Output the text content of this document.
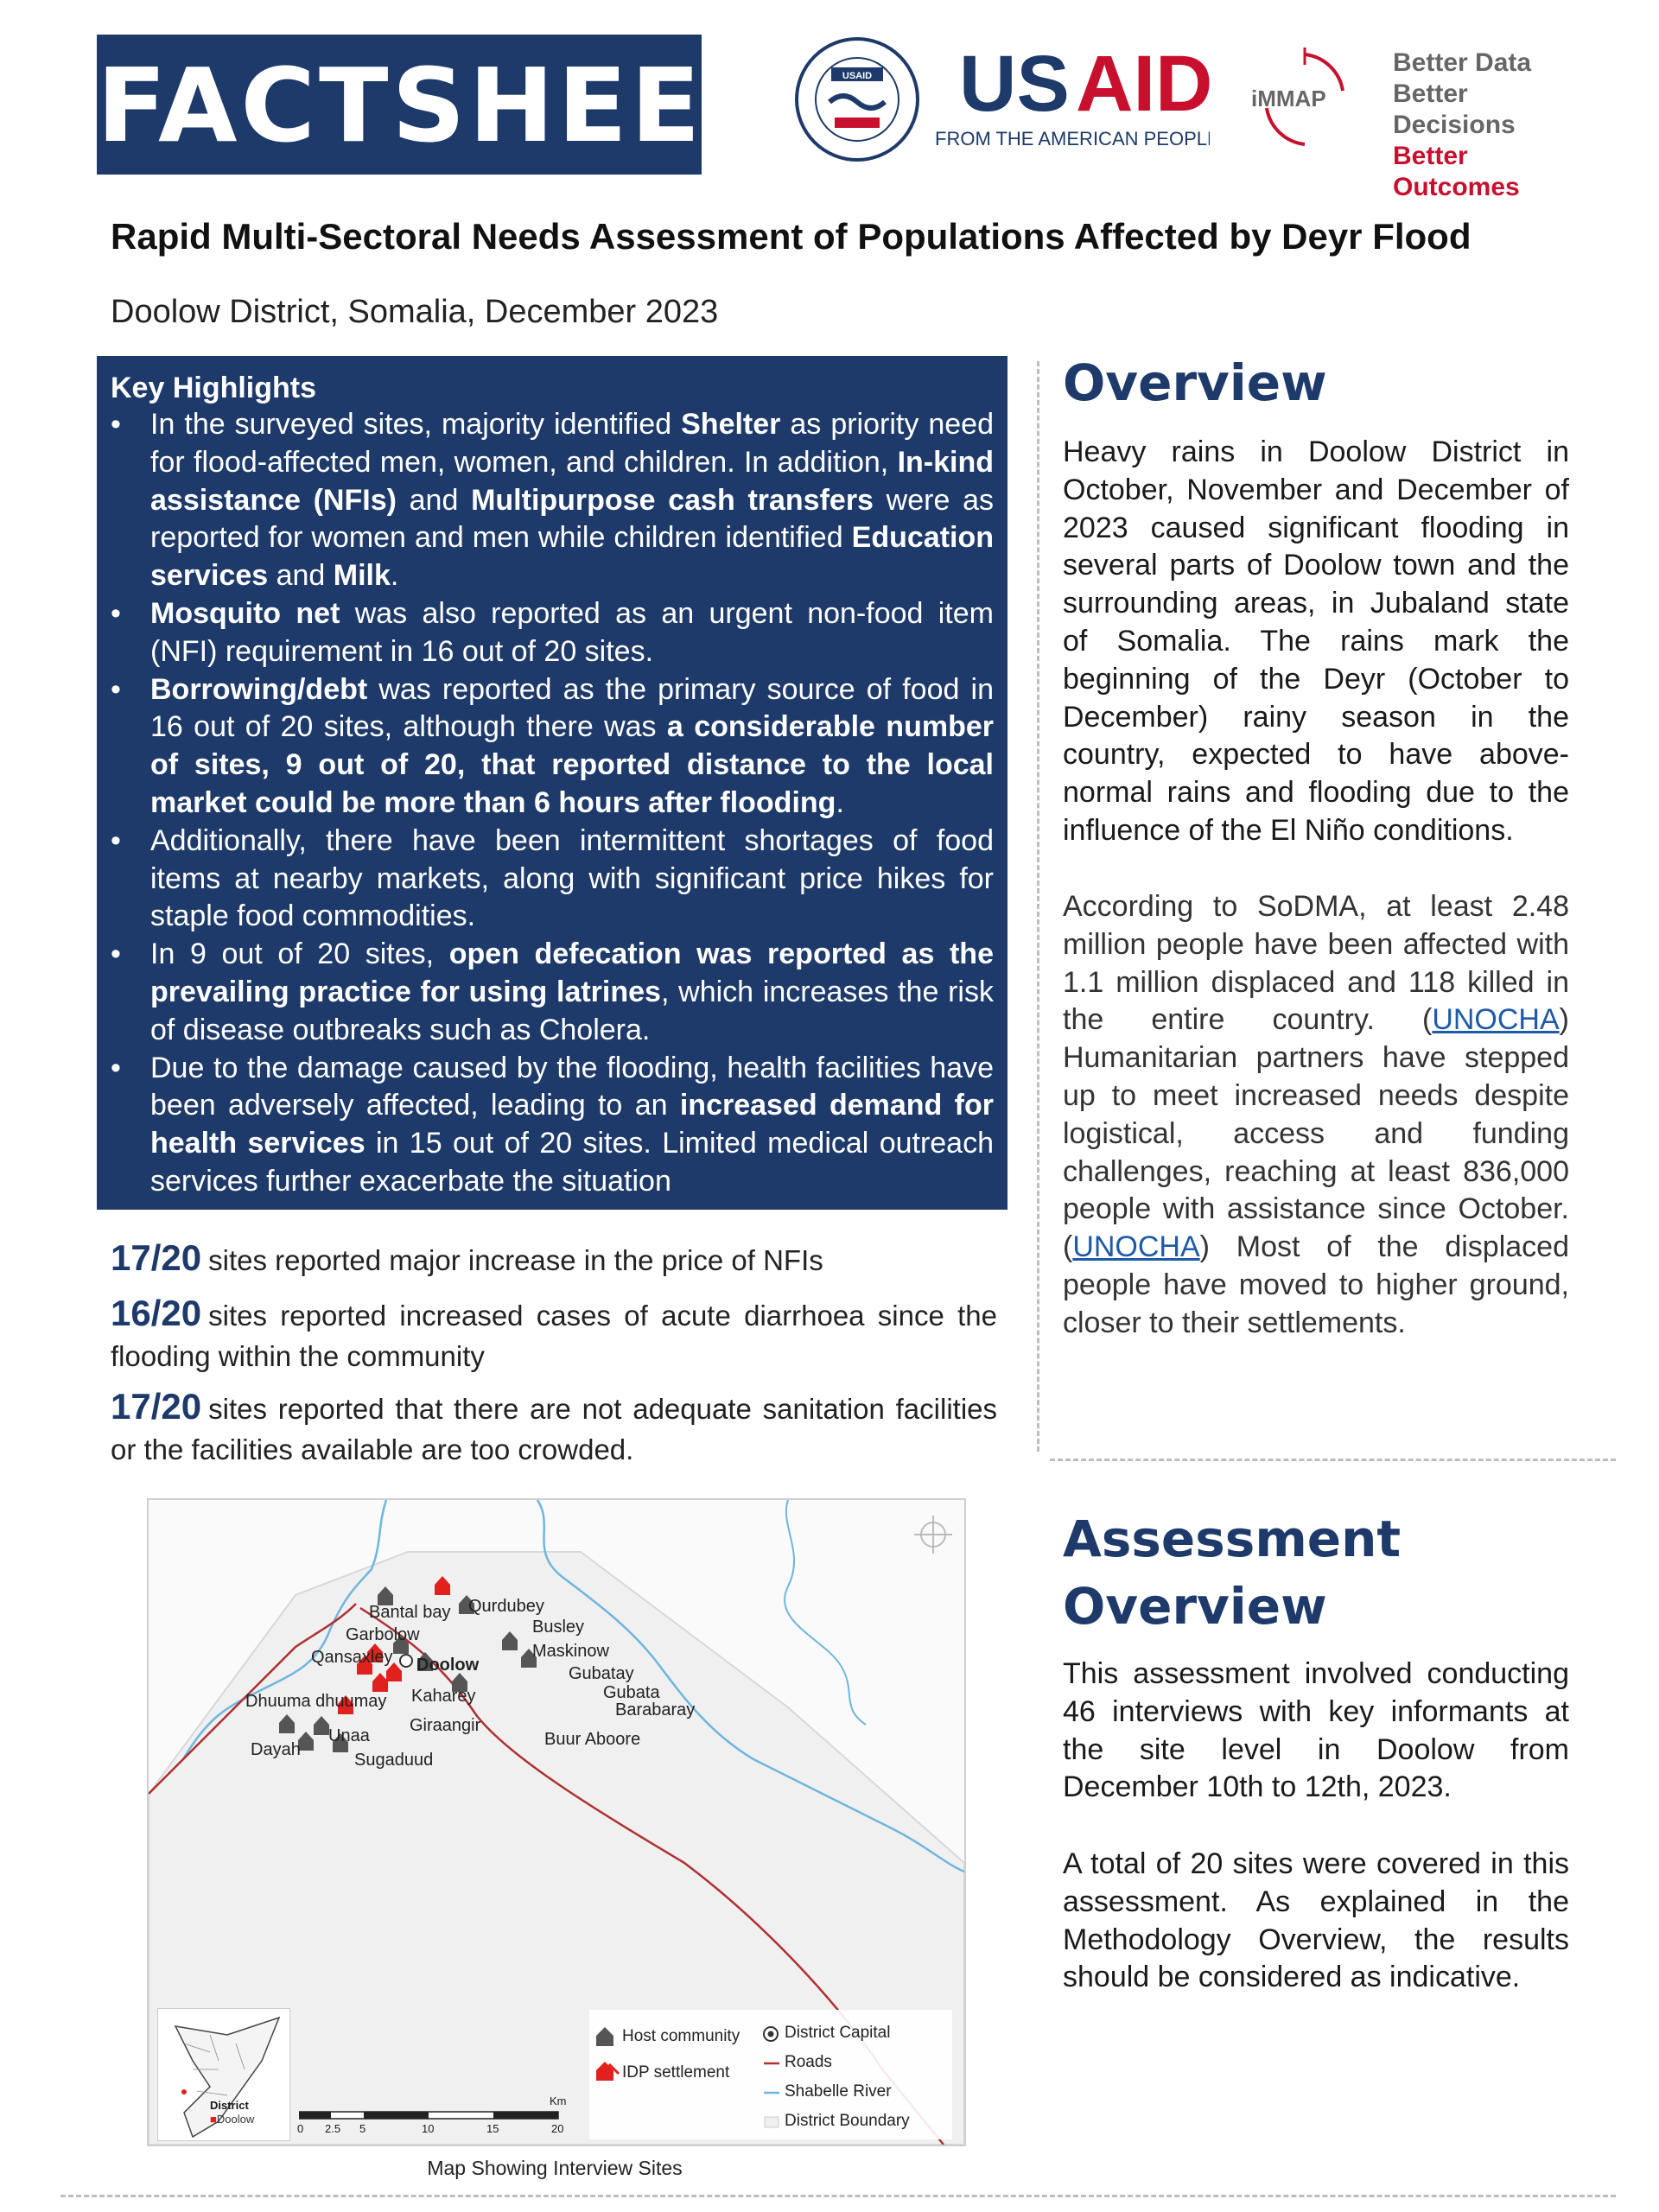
FACTSHEET	USAID US AID
FROM THE AMERICAN PEOPLE
iMMAP
Better Data
Better Decisions
Better Outcomes
Rapid Multi-Sectoral Needs Assessment of Populations Affected by Deyr Flood
Doolow District, Somalia, December 2023
Key Highlights
• In the surveyed sites, majority identified Shelter as priority need for flood-affected men, women, and children. In addition, In-kind assistance (NFIs) and Multipurpose cash transfers were as reported for women and men while children identified Education services and Milk.
• Mosquito net was also reported as an urgent non-food item (NFI) requirement in 16 out of 20 sites.
• Borrowing/debt was reported as the primary source of food in 16 out of 20 sites, although there was a considerable number of sites, 9 out of 20, that reported distance to the local market could be more than 6 hours after flooding.
• Additionally, there have been intermittent shortages of food items at nearby markets, along with significant price hikes for staple food commodities.
• In 9 out of 20 sites, open defecation was reported as the prevailing practice for using latrines, which increases the risk of disease outbreaks such as Cholera.
• Due to the damage caused by the flooding, health facilities have been adversely affected, leading to an increased demand for health services in 15 out of 20 sites. Limited medical outreach services further exacerbate the situation
17/20 sites reported major increase in the price of NFIs
16/20 sites reported increased cases of acute diarrhoea since the flooding within the community
17/20 sites reported that there are not adequate sanitation facilities or the facilities available are too crowded.
Overview
Heavy rains in Doolow District in October, November and December of 2023 caused significant flooding in several parts of Doolow town and the surrounding areas, in Jubaland state of Somalia. The rains mark the beginning of the Deyr (October to December) rainy season in the country, expected to have above-normal rains and flooding due to the influence of the El Niño conditions.
According to SoDMA, at least 2.48 million people have been affected with 1.1 million displaced and 118 killed in the entire country. (UNOCHA) Humanitarian partners have stepped up to meet increased needs despite logistical, access and funding challenges, reaching at least 836,000 people with assistance since October. (UNOCHA) Most of the displaced people have moved to higher ground, closer to their settlements.
Assessment
Overview
This assessment involved conducting 46 interviews with key informants at the site level in Doolow from December 10th to 12th, 2023.
A total of 20 sites were covered in this assessment. As explained in the Methodology Overview, the results should be considered as indicative.
Bantal bay Qurdubey
Garbolow	Busley
Qansaxley Doolow
Maskinow
Gubatay
Gubata
Barabaray
Dhuuma dhuumay Kaharey
Giraangir
Buur Aboore
Dayah
Unaa
Sugaduud
District
■Doolow
0 2.5 5	10	15	20
Km
Host community
IDP settlement
District Capital
Roads
Shabelle River
District Boundary
Map Showing Interview Sites
